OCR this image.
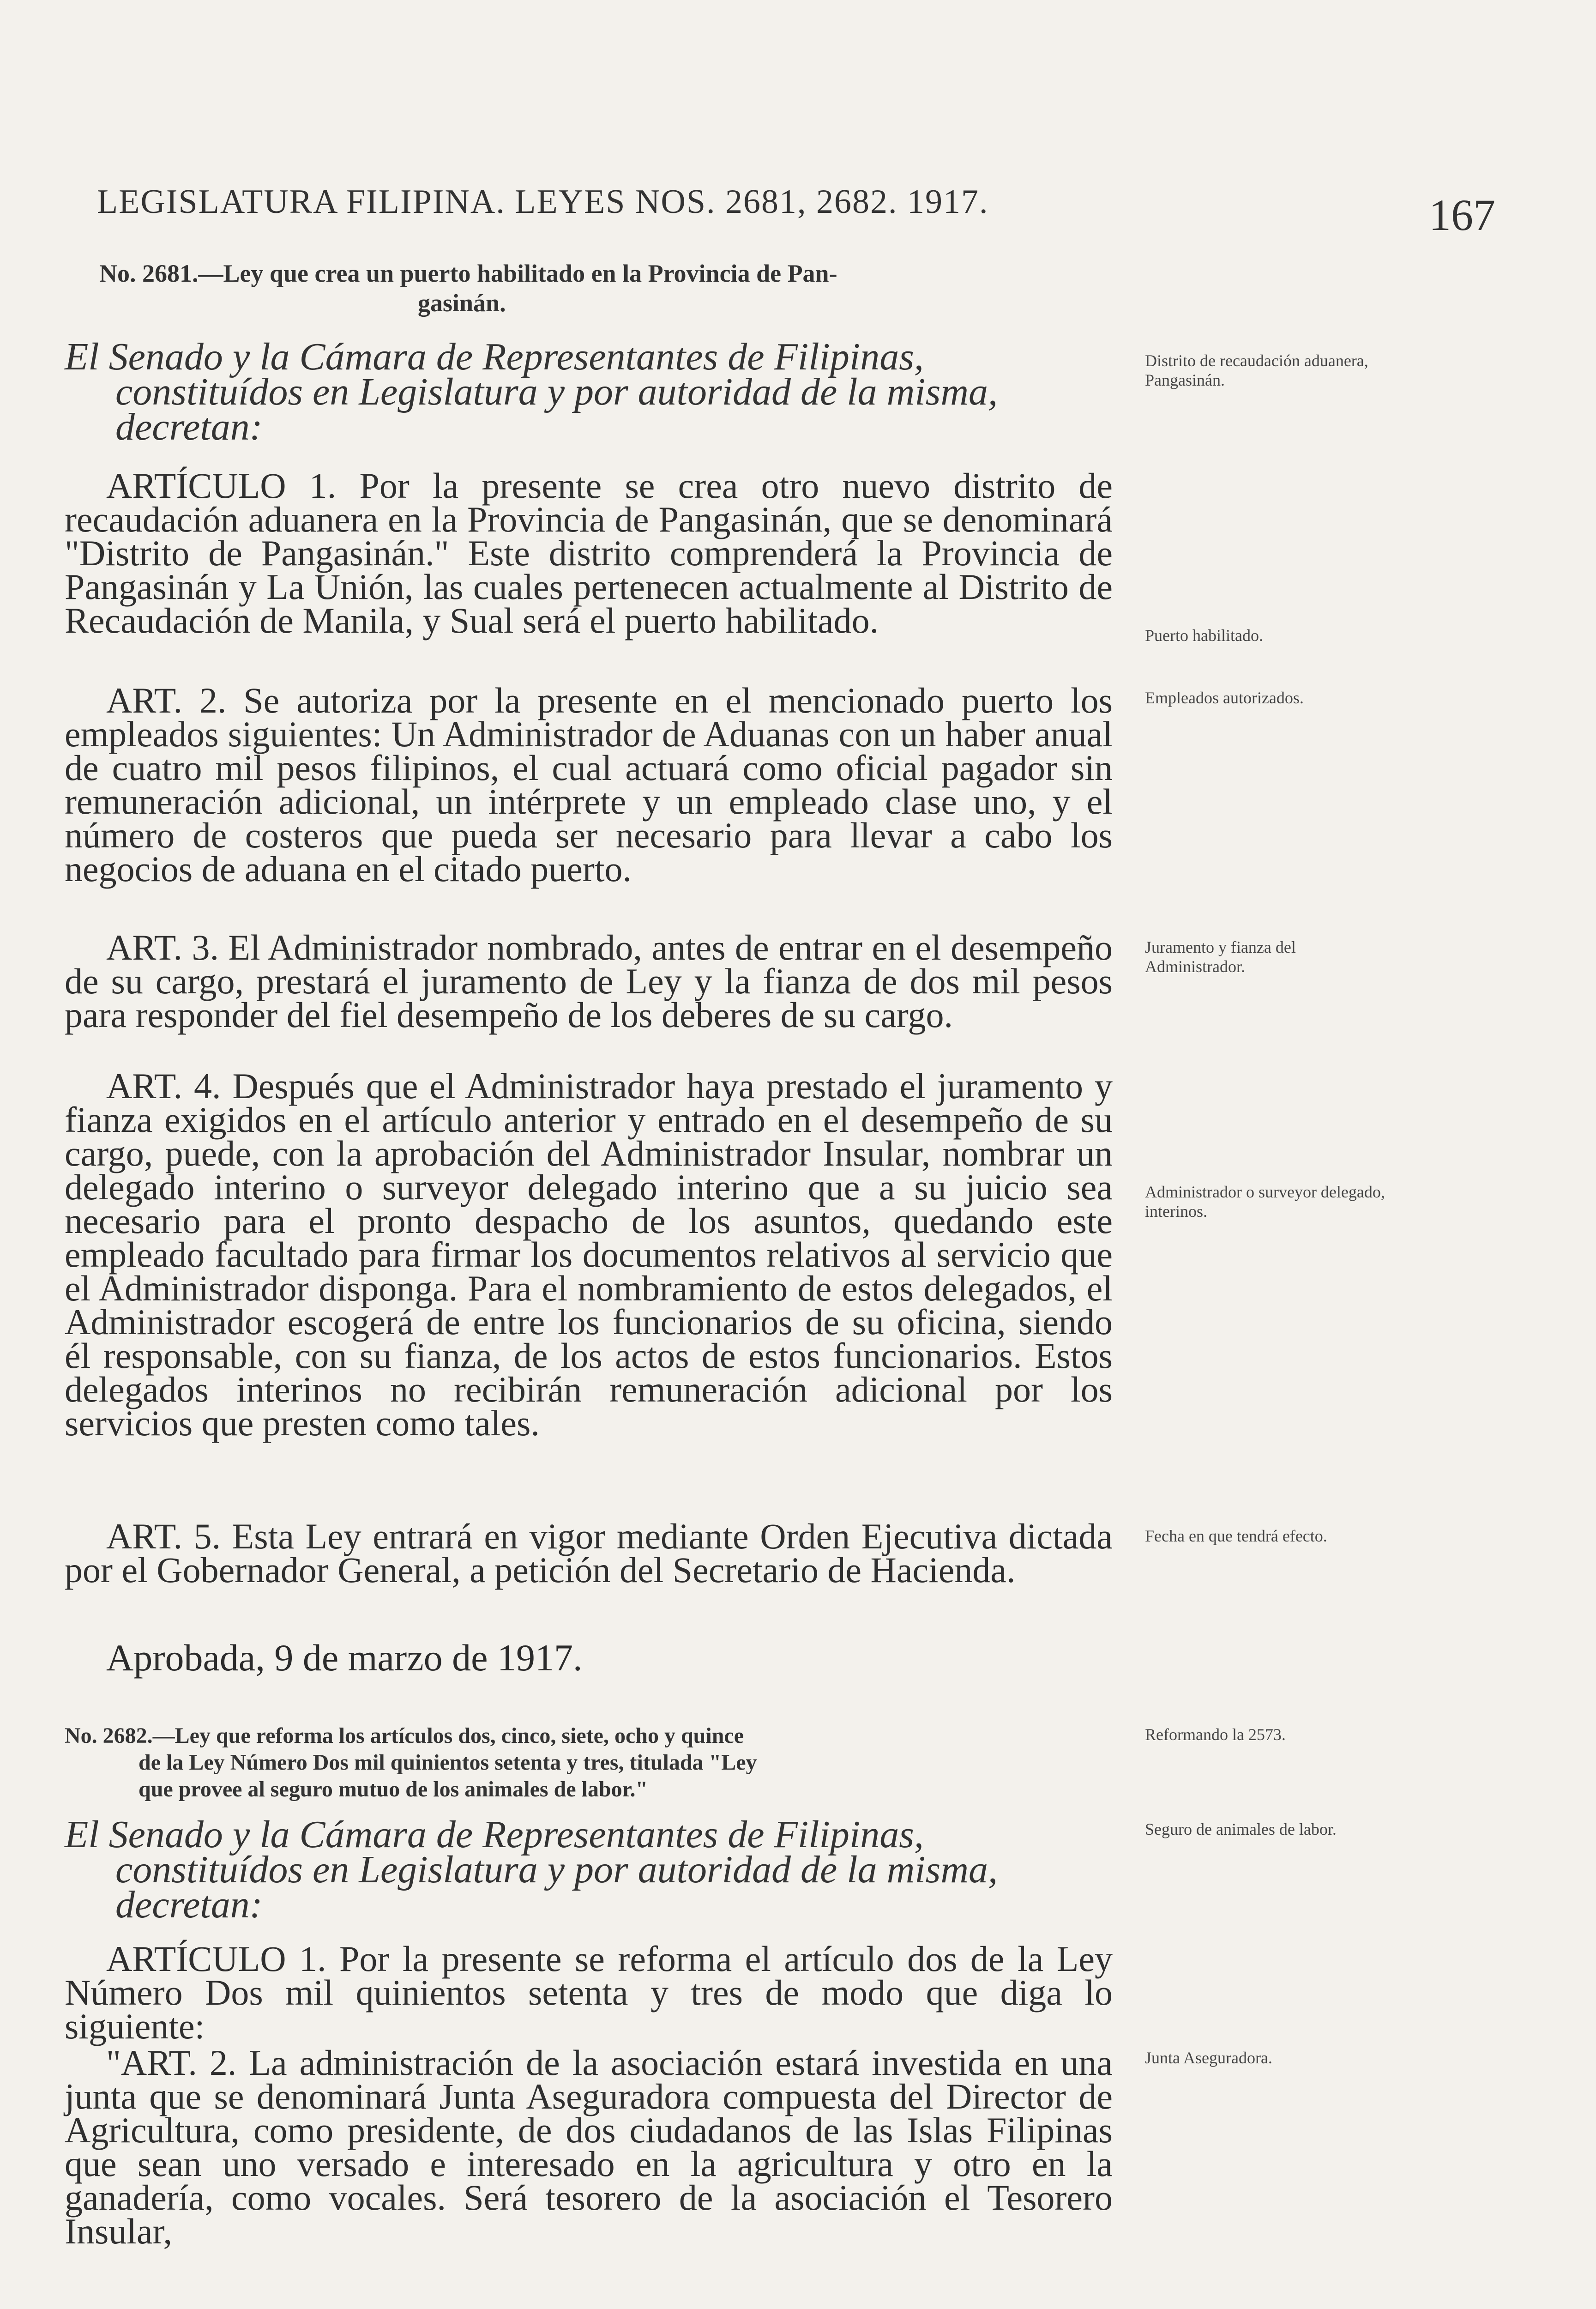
LEGISLATURA FILIPINA. LEYES NOS. 2681, 2682. 1917.	167
No. 2681.—Ley que crea un puerto habilitado en la Provincia de Pan-
gasinán.
El Senado y la Cámara de Representantes de Filipinas,
constituídos en Legislatura y por autoridad de la misma,
decretan:
ARTÍCULO 1. Por la presente se crea otro nuevo distrito de recaudación aduanera en la Provincia de Pangasinán, que se denominará "Distrito de Pangasinán." Este distrito comprenderá la Provincia de Pangasinán y La Unión, las cuales pertenecen actualmente al Distrito de Recaudación de Manila, y Sual será el puerto habilitado.
ART. 2. Se autoriza por la presente en el mencionado puerto los empleados siguientes: Un Administrador de Aduanas con un haber anual de cuatro mil pesos filipinos, el cual actuará como oficial pagador sin remuneración adicional, un intérprete y un empleado clase uno, y el número de costeros que pueda ser necesario para llevar a cabo los negocios de aduana en el citado puerto.
ART. 3. El Administrador nombrado, antes de entrar en el desempeño de su cargo, prestará el juramento de Ley y la fianza de dos mil pesos para responder del fiel desempeño de los deberes de su cargo.
ART. 4. Después que el Administrador haya prestado el juramento y fianza exigidos en el artículo anterior y entrado en el desempeño de su cargo, puede, con la aprobación del Administrador Insular, nombrar un delegado interino o surveyor delegado interino que a su juicio sea necesario para el pronto despacho de los asuntos, quedando este empleado facultado para firmar los documentos relativos al servicio que el Administrador disponga. Para el nombramiento de estos delegados, el Administrador escogerá de entre los funcionarios de su oficina, siendo él responsable, con su fianza, de los actos de estos funcionarios. Estos delegados interinos no recibirán remuneración adicional por los servicios que presten como tales.
ART. 5. Esta Ley entrará en vigor mediante Orden Ejecutiva dictada por el Gobernador General, a petición del Secretario de Hacienda.
Aprobada, 9 de marzo de 1917.
No. 2682.—Ley que reforma los artículos dos, cinco, siete, ocho y quince
de la Ley Número Dos mil quinientos setenta y tres, titulada "Ley
que provee al seguro mutuo de los animales de labor."
El Senado y la Cámara de Representantes de Filipinas,
constituídos en Legislatura y por autoridad de la misma,
decretan:
ARTÍCULO 1. Por la presente se reforma el artículo dos de la Ley Número Dos mil quinientos setenta y tres de modo que diga lo siguiente:
"ART. 2. La administración de la asociación estará investida en una junta que se denominará Junta Aseguradora compuesta del Director de Agricultura, como presidente, de dos ciudadanos de las Islas Filipinas que sean uno versado e interesado en la agricultura y otro en la ganadería, como vocales. Será tesorero de la asociación el Tesorero Insular,
Distrito de recaudación aduanera, Pangasinán.
Puerto habilitado.
Empleados autorizados.
Juramento y fianza del Administrador.
Administrador o surveyor delegado, interinos.
Fecha en que tendrá efecto.
Reformando la 2573.
Seguro de animales de labor.
Junta Aseguradora.
